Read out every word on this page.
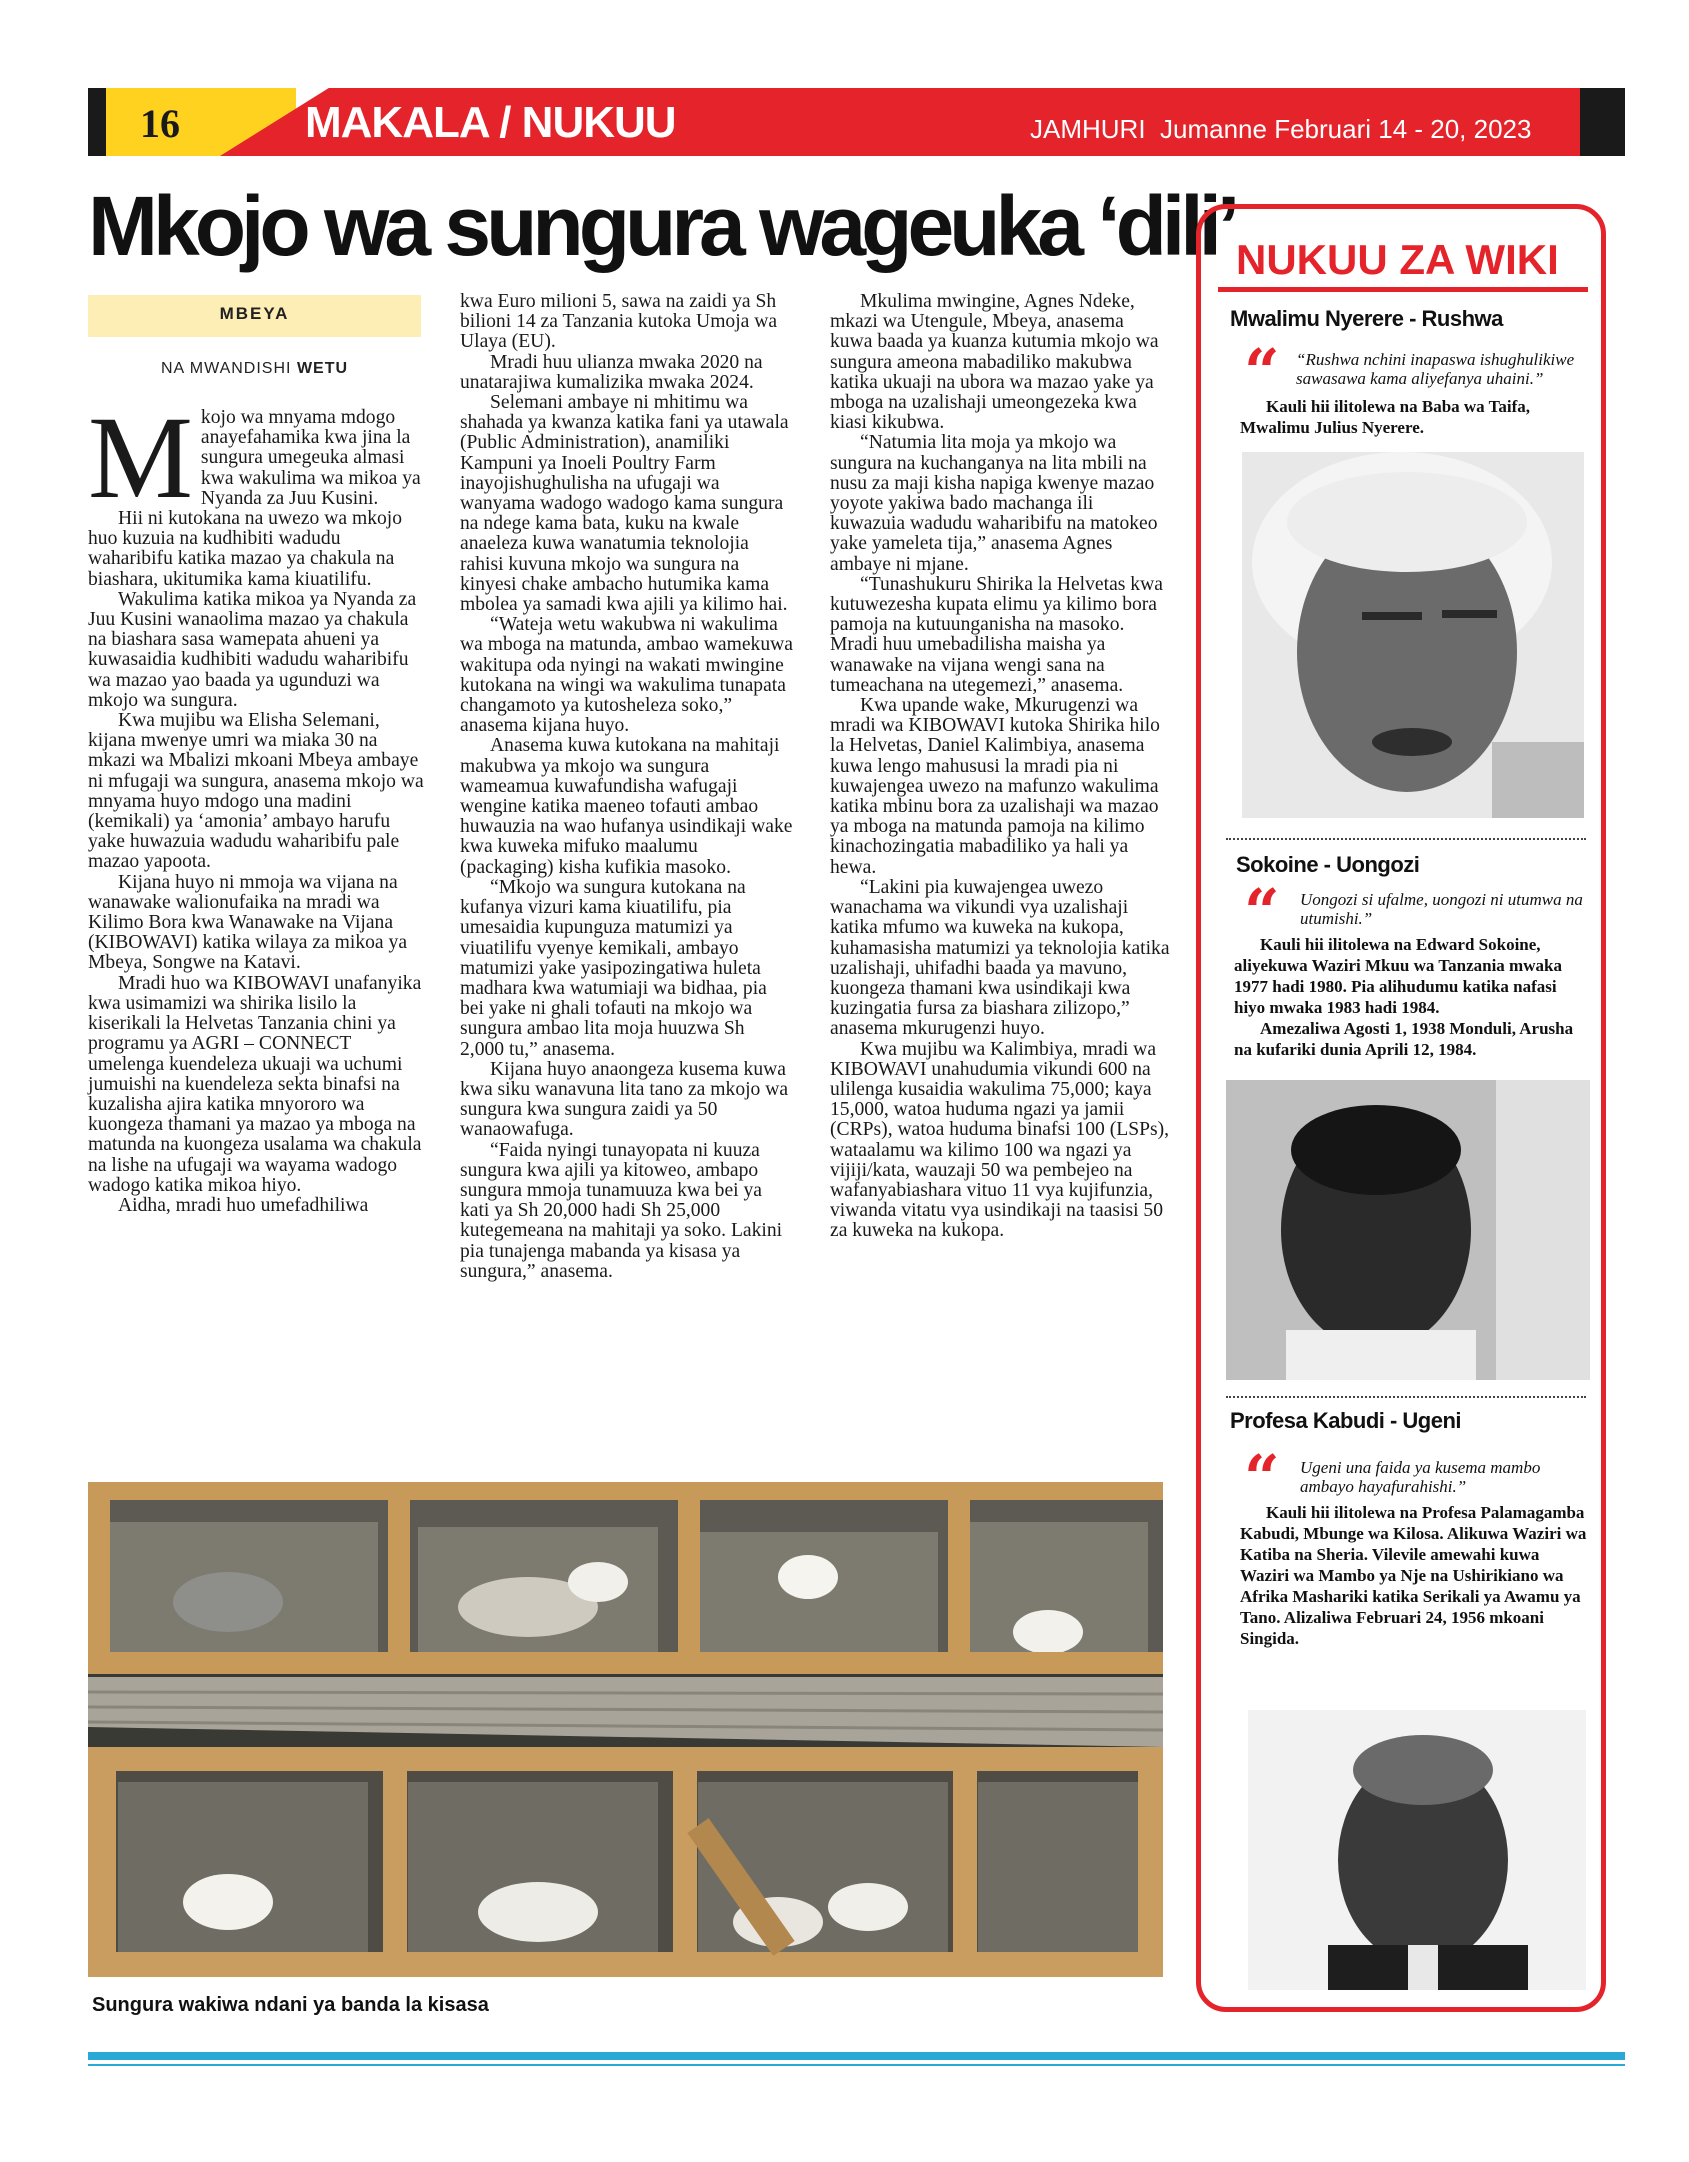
16	MAKALA / NUKUU	JAMHURI Jumanne Februari 14 - 20, 2023
Mkojo wa sungura wageuka ‘dili’
MBEYA
NA MWANDISHI WETU

Mkojo wa mnyama mdogo anayefahamika kwa jina la sungura umegeuka almasi kwa wakulima wa mikoa ya Nyanda za Juu Kusini.

Hii ni kutokana na uwezo wa mkojo huo kuzuia na kudhibiti wadudu waharibifu katika mazao ya chakula na biashara, ukitumika kama kiuatilifu.

Wakulima katika mikoa ya Nyanda za Juu Kusini wanaolima mazao ya chakula na biashara sasa wamepata ahueni ya kuwasaidia kudhibiti wadudu waharibifu wa mazao yao baada ya ugunduzi wa mkojo wa sungura.

Kwa mujibu wa Elisha Selemani, kijana mwenye umri wa miaka 30 na mkazi wa Mbalizi mkoani Mbeya ambaye ni mfugaji wa sungura, anasema mkojo wa mnyama huyo mdogo una madini (kemikali) ya ‘amonia’ ambayo harufu yake huwazuia wadudu waharibifu pale mazao yapoota.

Kijana huyo ni mmoja wa vijana na wanawake walionufaika na mradi wa Kilimo Bora kwa Wanawake na Vijana (KIBOWAVI) katika wilaya za mikoa ya Mbeya, Songwe na Katavi.

Mradi huo wa KIBOWAVI unafanyika kwa usimamizi wa shirika lisilo la kiserikali la Helvetas Tanzania chini ya programu ya AGRI – CONNECT umelenga kuendeleza ukuaji wa uchumi jumuishi na kuendeleza sekta binafsi na kuzalisha ajira katika mnyororo wa kuongeza thamani ya mazao ya mboga na matunda na kuongeza usalama wa chakula na lishe na ufugaji wa wayama wadogo wadogo katika mikoa hiyo.

Aidha, mradi huo umefadhiliwa

kwa Euro milioni 5, sawa na zaidi ya Sh bilioni 14 za Tanzania kutoka Umoja wa Ulaya (EU).

Mradi huu ulianza mwaka 2020 na unatarajiwa kumalizika mwaka 2024.

Selemani ambaye ni mhitimu wa shahada ya kwanza katika fani ya utawala (Public Administration), anamiliki Kampuni ya Inoeli Poultry Farm inayojishughulisha na ufugaji wa wanyama wadogo wadogo kama sungura na ndege kama bata, kuku na kwale anaeleza kuwa wanatumia teknolojia rahisi kuvuna mkojo wa sungura na kinyesi chake ambacho hutumika kama mbolea ya samadi kwa ajili ya kilimo hai.

“Wateja wetu wakubwa ni wakulima wa mboga na matunda, ambao wamekuwa wakitupa oda nyingi na wakati mwingine kutokana na wingi wa wakulima tunapata changamoto ya kutosheleza soko,” anasema kijana huyo.

Anasema kuwa kutokana na mahitaji makubwa ya mkojo wa sungura wameamua kuwafundisha wafugaji wengine katika maeneo tofauti ambao huwauzia na wao hufanya usindikaji wake kwa kuweka mifuko maalumu (packaging) kisha kufikia masoko.

“Mkojo wa sungura kutokana na kufanya vizuri kama kiuatilifu, pia umesaidia kupunguza matumizi ya viuatilifu vyenye kemikali, ambayo matumizi yake yasipozingatiwa huleta madhara kwa watumiaji wa bidhaa, pia bei yake ni ghali tofauti na mkojo wa sungura ambao lita moja huuzwa Sh 2,000 tu,” anasema.

Kijana huyo anaongeza kusema kuwa kwa siku wanavuna lita tano za mkojo wa sungura kwa sungura zaidi ya 50 wanaowafuga.

“Faida nyingi tunayopata ni kuuza sungura kwa ajili ya kitoweo, ambapo sungura mmoja tunamuuza kwa bei ya kati ya Sh 20,000 hadi Sh 25,000 kutegemeana na mahitaji ya soko. Lakini pia tunajenga mabanda ya kisasa ya sungura,” anasema.

Mkulima mwingine, Agnes Ndeke, mkazi wa Utengule, Mbeya, anasema kuwa baada ya kuanza kutumia mkojo wa sungura ameona mabadiliko makubwa katika ukuaji na ubora wa mazao yake ya mboga na uzalishaji umeongezeka kwa kiasi kikubwa.

“Natumia lita moja ya mkojo wa sungura na kuchanganya na lita mbili na nusu za maji kisha napiga kwenye mazao yoyote yakiwa bado machanga ili kuwazuia wadudu waharibifu na matokeo yake yameleta tija,” anasema Agnes ambaye ni mjane.

“Tunashukuru Shirika la Helvetas kwa kutuwezesha kupata elimu ya kilimo bora pamoja na kutuunganisha na masoko. Mradi huu umebadilisha maisha ya wanawake na vijana wengi sana na tumeachana na utegemezi,” anasema.

Kwa upande wake, Mkurugenzi wa mradi wa KIBOWAVI kutoka Shirika hilo la Helvetas, Daniel Kalimbiya, anasema kuwa lengo mahususi la mradi pia ni kuwajengea uwezo na mafunzo wakulima katika mbinu bora za uzalishaji wa mazao ya mboga na matunda pamoja na kilimo kinachozingatia mabadiliko ya hali ya hewa.

“Lakini pia kuwajengea uwezo wanachama wa vikundi vya uzalishaji katika mfumo wa kuweka na kukopa, kuhamasisha matumizi ya teknolojia katika uzalishaji, uhifadhi baada ya mavuno, kuongeza thamani kwa usindikaji kwa kuzingatia fursa za biashara zilizopo,” anasema mkurugenzi huyo.

Kwa mujibu wa Kalimbiya, mradi wa KIBOWAVI unahudumia vikundi 600 na ulilenga kusaidia wakulima 75,000; kaya 15,000, watoa huduma ngazi ya jamii (CRPs), watoa huduma binafsi 100 (LSPs), wataalamu wa kilimo 100 wa ngazi ya vijiji/kata, wauzaji 50 wa pembejeo na wafanyabiashara vituo 11 vya kujifunzia, viwanda vitatu vya usindikaji na taasisi 50 za kuweka na kukopa.

Sungura wakiwa ndani ya banda la kisasa
NUKUU ZA WIKI
Mwalimu Nyerere - Rushwa
“ “Rushwa nchini inapaswa ishughulikiwe sawasawa kama aliyefanya uhaini.”

Kauli hii ilitolewa na Baba wa Taifa, Mwalimu Julius Nyerere.

Sokoine - Uongozi
“ Uongozi si ufalme, uongozi ni utumwa na utumishi.”

Kauli hii ilitolewa na Edward Sokoine, aliyekuwa Waziri Mkuu wa Tanzania mwaka 1977 hadi 1980. Pia alihudumu katika nafasi hiyo mwaka 1983 hadi 1984.

Amezaliwa Agosti 1, 1938 Monduli, Arusha na kufariki dunia Aprili 12, 1984.

Profesa Kabudi - Ugeni
“ Ugeni una faida ya kusema mambo ambayo hayafurahishi.”

Kauli hii ilitolewa na Profesa Palamagamba Kabudi, Mbunge wa Kilosa. Alikuwa Waziri wa Katiba na Sheria. Vilevile amewahi kuwa Waziri wa Mambo ya Nje na Ushirikiano wa Afrika Mashariki katika Serikali ya Awamu ya Tano. Alizaliwa Februari 24, 1956 mkoani Singida.
